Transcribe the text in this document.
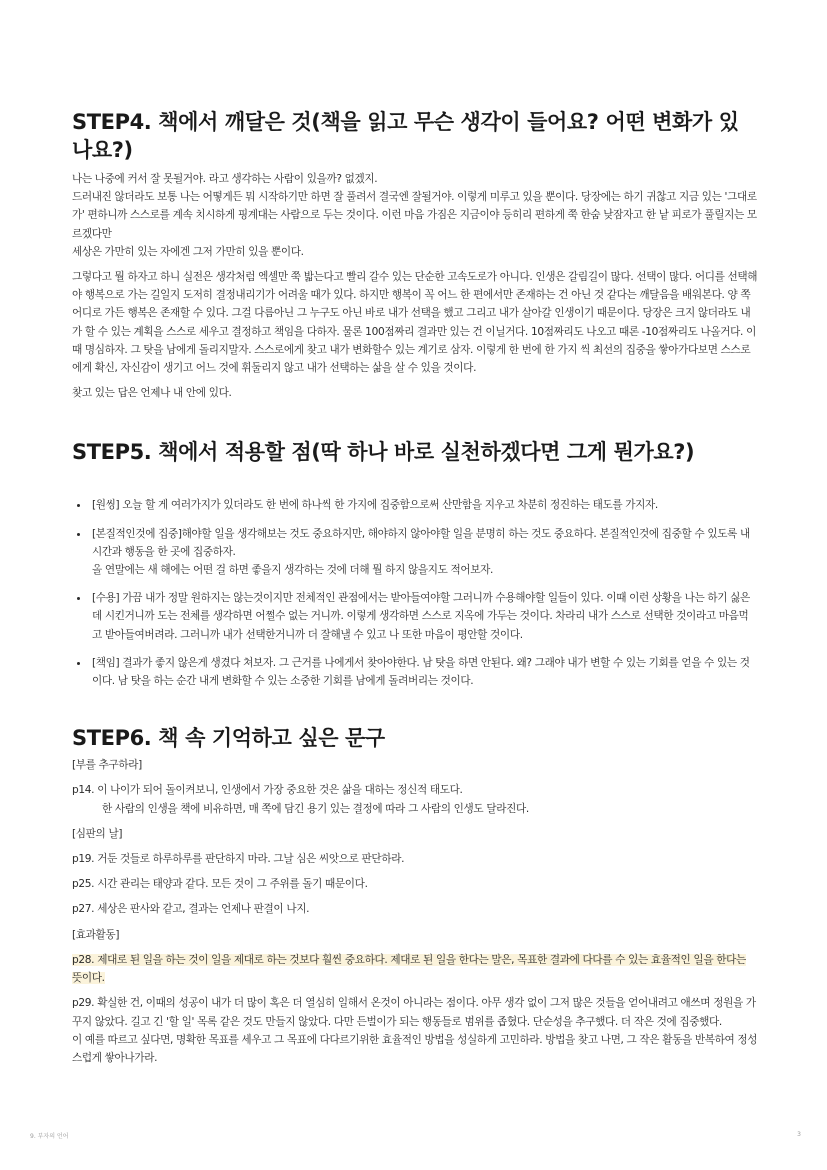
STEP4. 책에서 깨달은 것(책을 읽고 무슨 생각이 들어요? 어떤 변화가 있나요?)

나는 나중에 커서 잘 못될거야. 라고 생각하는 사람이 있을까? 없겠지.

드러내진 않더라도 보통 나는 어떻게든 뭐 시작하기만 하면 잘 풀려서 결국엔 잘될거야. 이렇게 미루고 있을 뿐이다. 당장에는 하기 귀찮고 지금 있는 '그대로가' 편하니까 스스로를 계속 치시하게 핑계대는 사람으로 두는 것이다. 이런 마음 가짐은 지금이야 등히리 편하게 쭉 한숨 낮잠자고 한 낱 피로가 풀릴지는 모르겠다만

세상은 가만히 있는 자에겐 그저 가만히 있을 뿐이다.

그렇다고 뭘 하자고 하니 실전은 생각처럼 엑셀만 쭉 밟는다고 빨리 갈수 있는 단순한 고속도로가 아니다. 인생은 갈림길이 많다. 선택이 많다. 어디를 선택해야 행복으로 가는 길일지 도저히 결정내리기가 어려울 때가 있다. 하지만 행복이 꼭 어느 한 편에서만 존재하는 건 아닌 것 같다는 깨달음을 배워본다. 양 쪽 어디로 가든 행복은 존재할 수 있다. 그걸 다름아닌 그 누구도 아닌 바로 내가 선택을 했고 그리고 내가 살아갈 인생이기 때문이다. 당장은 크지 않더라도 내가 할 수 있는 계획을 스스로 세우고 결정하고 책임을 다하자. 물론 100점짜리 결과만 있는 건 이닐거다. 10점짜리도 나오고 때론 -10점짜리도 나올거다. 이때 명심하자. 그 탓을 남에게 돌리지말자. 스스로에게 찾고 내가 변화할수 있는 계기로 삼자. 이렇게 한 번에 한 가지 씩 최선의 집중을 쌓아가다보면 스스로에게 확신, 자신감이 생기고 어느 것에 휘둘리지 않고 내가 선택하는 삶을 살 수 있을 것이다.

찾고 있는 답은 언제나 내 안에 있다.

STEP5. 책에서 적용할 점(딱 하나 바로 실천하겠다면 그게 뭔가요?)
• [원씽] 오늘 할 게 여러가지가 있더라도 한 번에 하나씩 한 가지에 집중함으로써 산만함을 지우고 차분히 정진하는 태도를 가지자.
• [본질적인것에 집중]해야할 일을 생각해보는 것도 중요하지만, 해야하지 않아야할 일을 분명히 하는 것도 중요하다. 본질적인것에 집중할 수 있도록 내 시간과 행동을 한 곳에 집중하자.
올 연말에는 새 해에는 어떤 걸 하면 좋을지 생각하는 것에 더해 뭘 하지 않을지도 적어보자.
• [수용] 가끔 내가 정말 원하지는 않는것이지만 전체적인 관점에서는 받아들여야할 그러니까 수용해야할 일들이 있다. 이때 이런 상황을 나는 하기 싫은데 시킨거니까 도는 전체를 생각하면 어쩔수 없는 거니까. 이렇게 생각하면 스스로 지옥에 가두는 것이다. 차라리 내가 스스로 선택한 것이라고 마음먹고 받아들여버려라. 그러니까 내가 선택한거니까 더 잘해낼 수 있고 나 또한 마음이 평안할 것이다.
• [책임] 결과가 좋지 않은게 생겼다 쳐보자. 그 근거를 나에게서 찾아야한다. 남 탓을 하면 안된다. 왜? 그래야 내가 변할 수 있는 기회를 얻을 수 있는 것이다. 남 탓을 하는 순간 내게 변화할 수 있는 소중한 기회를 남에게 돌려버리는 것이다.
STEP6. 책 속 기억하고 싶은 문구

[부를 추구하라]

p14. 이 나이가 되어 돌이켜보니, 인생에서 가장 중요한 것은 삶을 대하는 정신적 태도다.

한 사람의 인생을 책에 비유하면, 매 쪽에 담긴 용기 있는 결정에 따라 그 사람의 인생도 달라진다.

[심판의 날]

p19. 거둔 것들로 하루하루를 판단하지 마라. 그날 심은 씨앗으로 판단하라.

p25. 시간 관리는 태양과 같다. 모든 것이 그 주위를 돌기 때문이다.

p27. 세상은 판사와 같고, 결과는 언제나 판결이 나지.

[효과활동]

p28. 제대로 된 일을 하는 것이 일을 제대로 하는 것보다 훨씬 중요하다. 제대로 된 일을 한다는 말은, 목표한 결과에 다다를 수 있는 효율적인 일을 한다는 뜻이다.

p29. 확실한 건, 이때의 성공이 내가 더 많이 혹은 더 열심히 일해서 온것이 아니라는 점이다. 아무 생각 없이 그저 많은 것들을 얻어내려고 애쓰며 정원을 가꾸지 않았다. 길고 긴 '할 일' 목록 같은 것도 만들지 않았다. 다만 든벌이가 되는 행동들로 범위를 좁혔다. 단순성을 추구했다. 더 작은 것에 집중했다.

이 예를 따르고 싶다면, 명확한 목표를 세우고 그 목표에 다다르기위한 효율적인 방법을 성실하게 고민하라. 방법을 찾고 나면, 그 작은 활동을 반복하여 정성스럽게 쌓아나가라.

9. 부자의 언어	3
